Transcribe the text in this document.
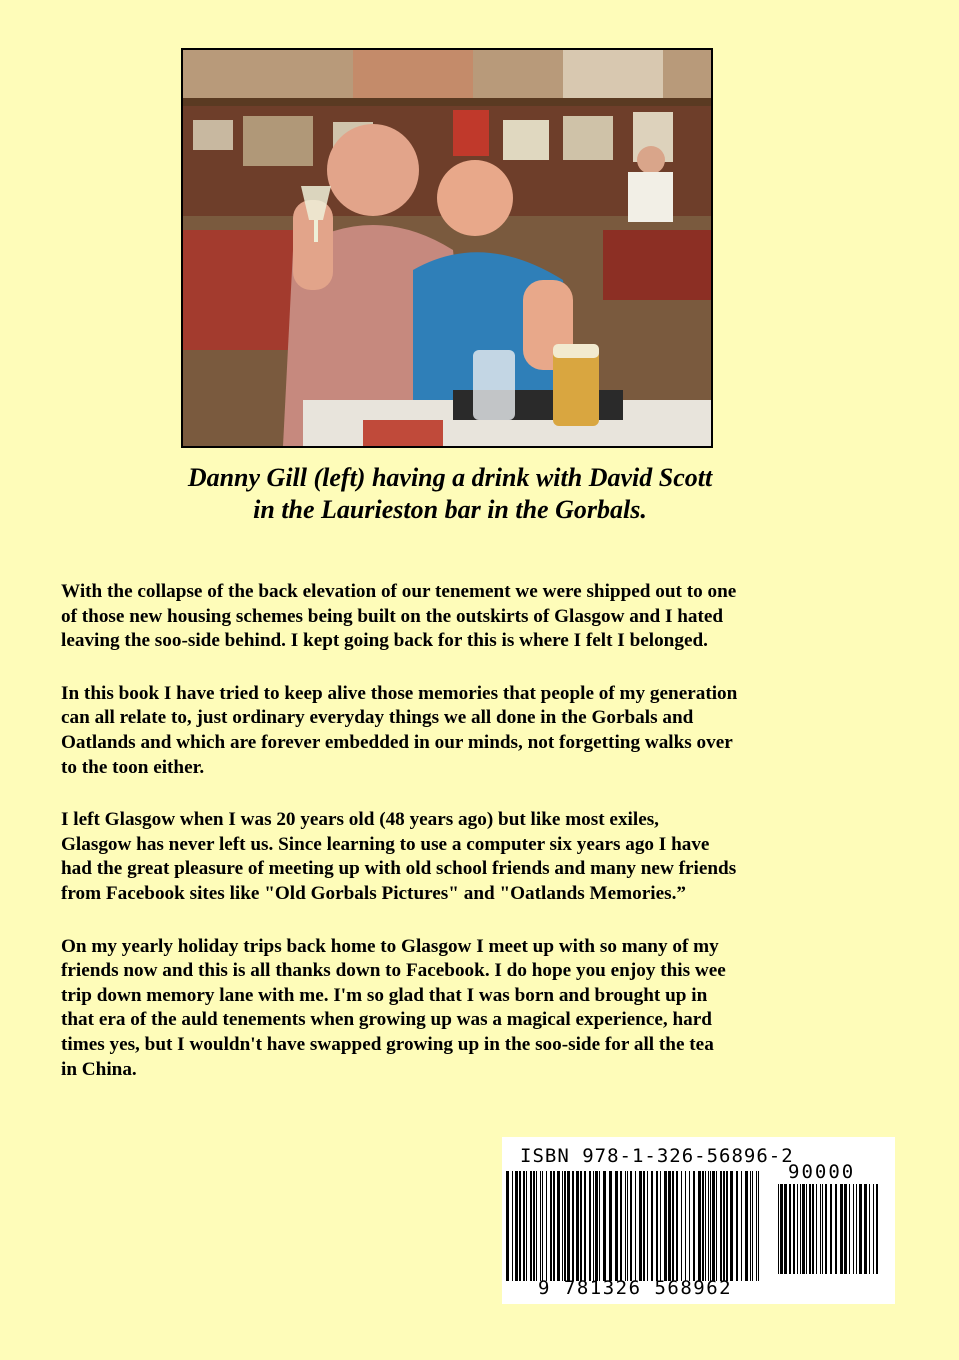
Danny Gill (left) having a drink with David Scott
in the Laurieston bar in the Gorbals.

With the collapse of the back elevation of our tenement we were shipped out to one
of those new housing schemes being built on the outskirts of Glasgow and I hated
leaving the soo-side behind. I kept going back for this is where I felt I belonged.

In this book I have tried to keep alive those memories that people of my generation
can all relate to, just ordinary everyday things we all done in the Gorbals and
Oatlands and which are forever embedded in our minds, not forgetting walks over
to the toon either.

I left Glasgow when I was 20 years old (48 years ago) but like most exiles,
Glasgow has never left us. Since learning to use a computer six years ago I have
had the great pleasure of meeting up with old school friends and many new friends
from Facebook sites like "Old Gorbals Pictures" and "Oatlands Memories.”

On my yearly holiday trips back home to Glasgow I meet up with so many of my
friends now and this is all thanks down to Facebook. I do hope you enjoy this wee
trip down memory lane with me. I'm so glad that I was born and brought up in
that era of the auld tenements when growing up was a magical experience, hard
times yes, but I wouldn't have swapped growing up in the soo-side for all the tea
in China.

ISBN 978-1-326-56896-2
90000
9 781326 568962
